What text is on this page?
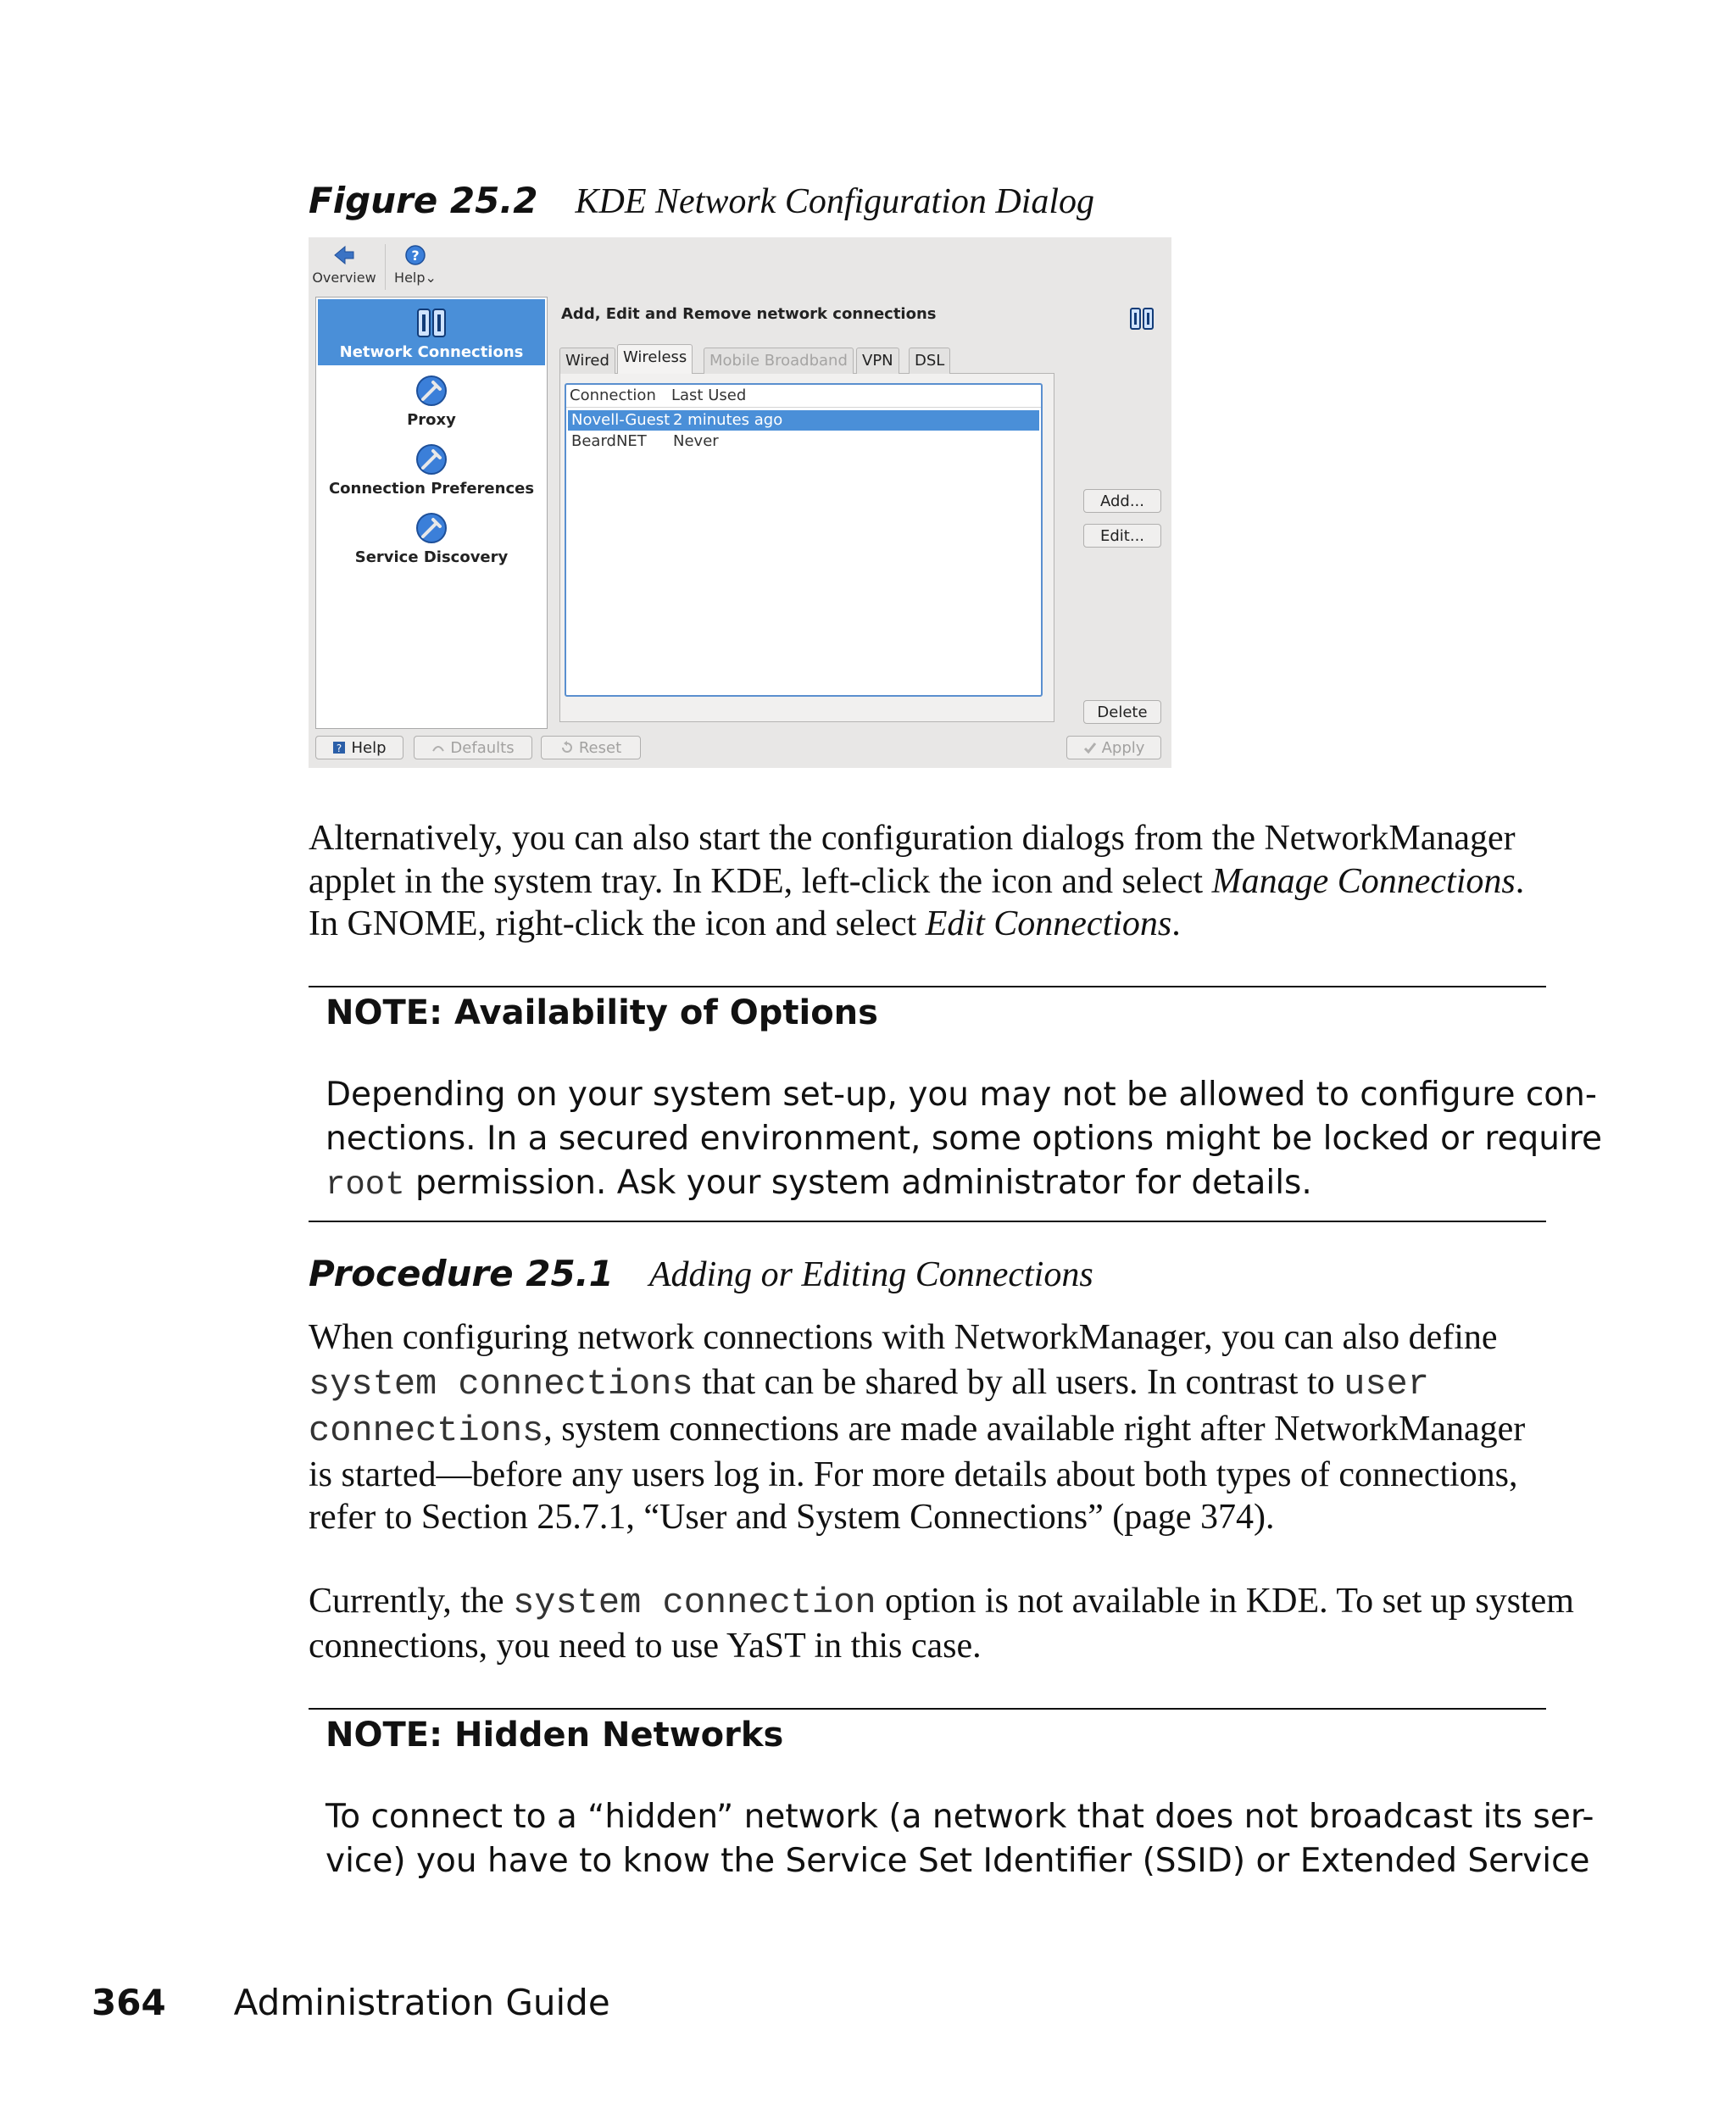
Figure 25.2 KDE Network Configuration Dialog
Overview
?
Help⌄
Network Connections
Proxy
Connection Preferences
Service Discovery
Add, Edit and Remove network connections
Wired Wireless	Mobile Broadband VPN	DSL
Connection Last Used
Novell-Guest 2 minutes ago
BeardNET Never
Add...
Edit...
Delete
? Help	Defaults	Reset	Apply
Alternatively, you can also start the configuration dialogs from the NetworkManager
applet in the system tray. In KDE, left-click the icon and select Manage Connections.
In GNOME, right-click the icon and select Edit Connections.
NOTE: Availability of Options
Depending on your system set-up, you may not be allowed to configure con-
nections. In a secured environment, some options might be locked or require
root permission. Ask your system administrator for details.
Procedure 25.1 Adding or Editing Connections
When configuring network connections with NetworkManager, you can also define
system connections that can be shared by all users. In contrast to user
connections, system connections are made available right after NetworkManager
is started—before any users log in. For more details about both types of connections,
refer to Section 25.7.1, “User and System Connections” (page 374).
Currently, the system connection option is not available in KDE. To set up system
connections, you need to use YaST in this case.
NOTE: Hidden Networks
To connect to a “hidden” network (a network that does not broadcast its ser-
vice) you have to know the Service Set Identifier (SSID) or Extended Service
364 Administration Guide
